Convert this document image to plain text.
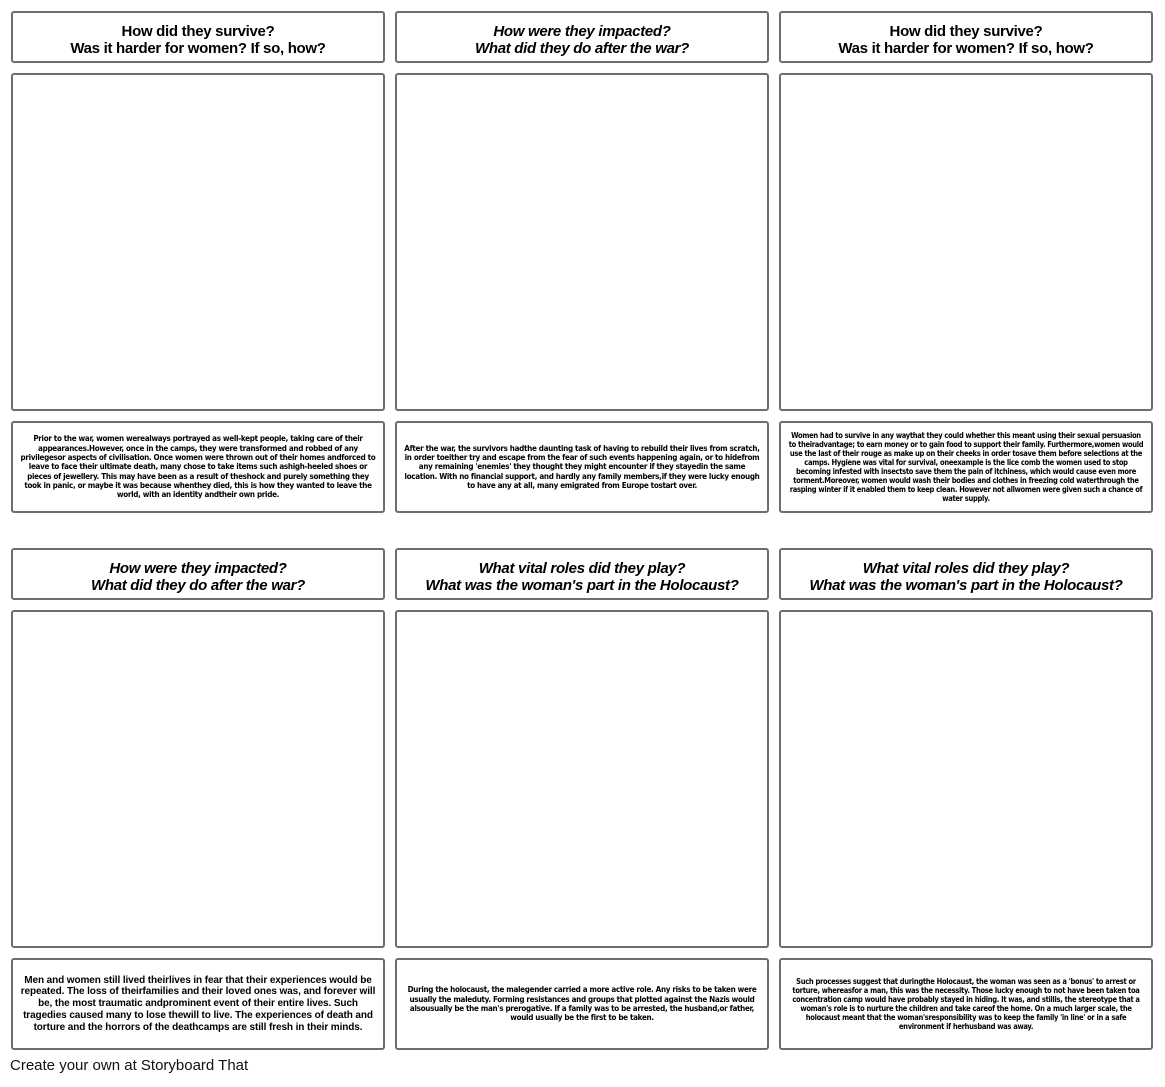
How did they survive?
Was it harder for women? If so, how?
How were they impacted?
What did they do after the war?
How did they survive?
Was it harder for women? If so, how?

Prior to the war, women werealways portrayed as well-kept people, taking care of their appearances.However, once in the camps, they were transformed and robbed of any privilegesor aspects of civilisation. Once women were thrown out of their homes andforced to leave to face their ultimate death, many chose to take items such ashigh-heeled shoes or pieces of jewellery. This may have been as a result of theshock and purely something they took in panic, or maybe it was because whenthey died, this is how they wanted to leave the world, with an identity andtheir own pride.

After the war, the survivors hadthe daunting task of having to rebuild their lives from scratch, in order toeither try and escape from the fear of such events happening again, or to hidefrom any remaining 'enemies' they thought they might encounter if they stayedin the same location. With no financial support, and hardly any family members,if they were lucky enough to have any at all, many emigrated from Europe tostart over.

Women had to survive in any waythat they could whether this meant using their sexual persuasion to theiradvantage; to earn money or to gain food to support their family. Furthermore,women would use the last of their rouge as make up on their cheeks in order tosave them before selections at the camps. Hygiene was vital for survival, oneexample is the lice comb the women used to stop becoming infested with insectsto save them the pain of itchiness, which would cause even more torment.Moreover, women would wash their bodies and clothes in freezing cold waterthrough the rasping winter if it enabled them to keep clean. However not allwomen were given such a chance of water supply.

How were they impacted?
What did they do after the war?
What vital roles did they play?
What was the woman's part in the Holocaust?
What vital roles did they play?
What was the woman's part in the Holocaust?

Men and women still lived theirlives in fear that their experiences would be repeated. The loss of theirfamilies and their loved ones was, and forever will be, the most traumatic andprominent event of their entire lives. Such tragedies caused many to lose thewill to live. The experiences of death and torture and the horrors of the deathcamps are still fresh in their minds.

During the holocaust, the malegender carried a more active role. Any risks to be taken were usually the maleduty. Forming resistances and groups that plotted against the Nazis would alsousually be the man's prerogative. If a family was to be arrested, the husband,or father, would usually be the first to be taken.

Such processes suggest that duringthe Holocaust, the woman was seen as a 'bonus' to arrest or torture, whereasfor a man, this was the necessity. Those lucky enough to not have been taken toa concentration camp would have probably stayed in hiding. It was, and stillis, the stereotype that a woman's role is to nurture the children and take careof the home. On a much larger scale, the holocaust meant that the woman'sresponsibility was to keep the family 'in line' or in a safe environment if herhusband was away.

Create your own at Storyboard That
